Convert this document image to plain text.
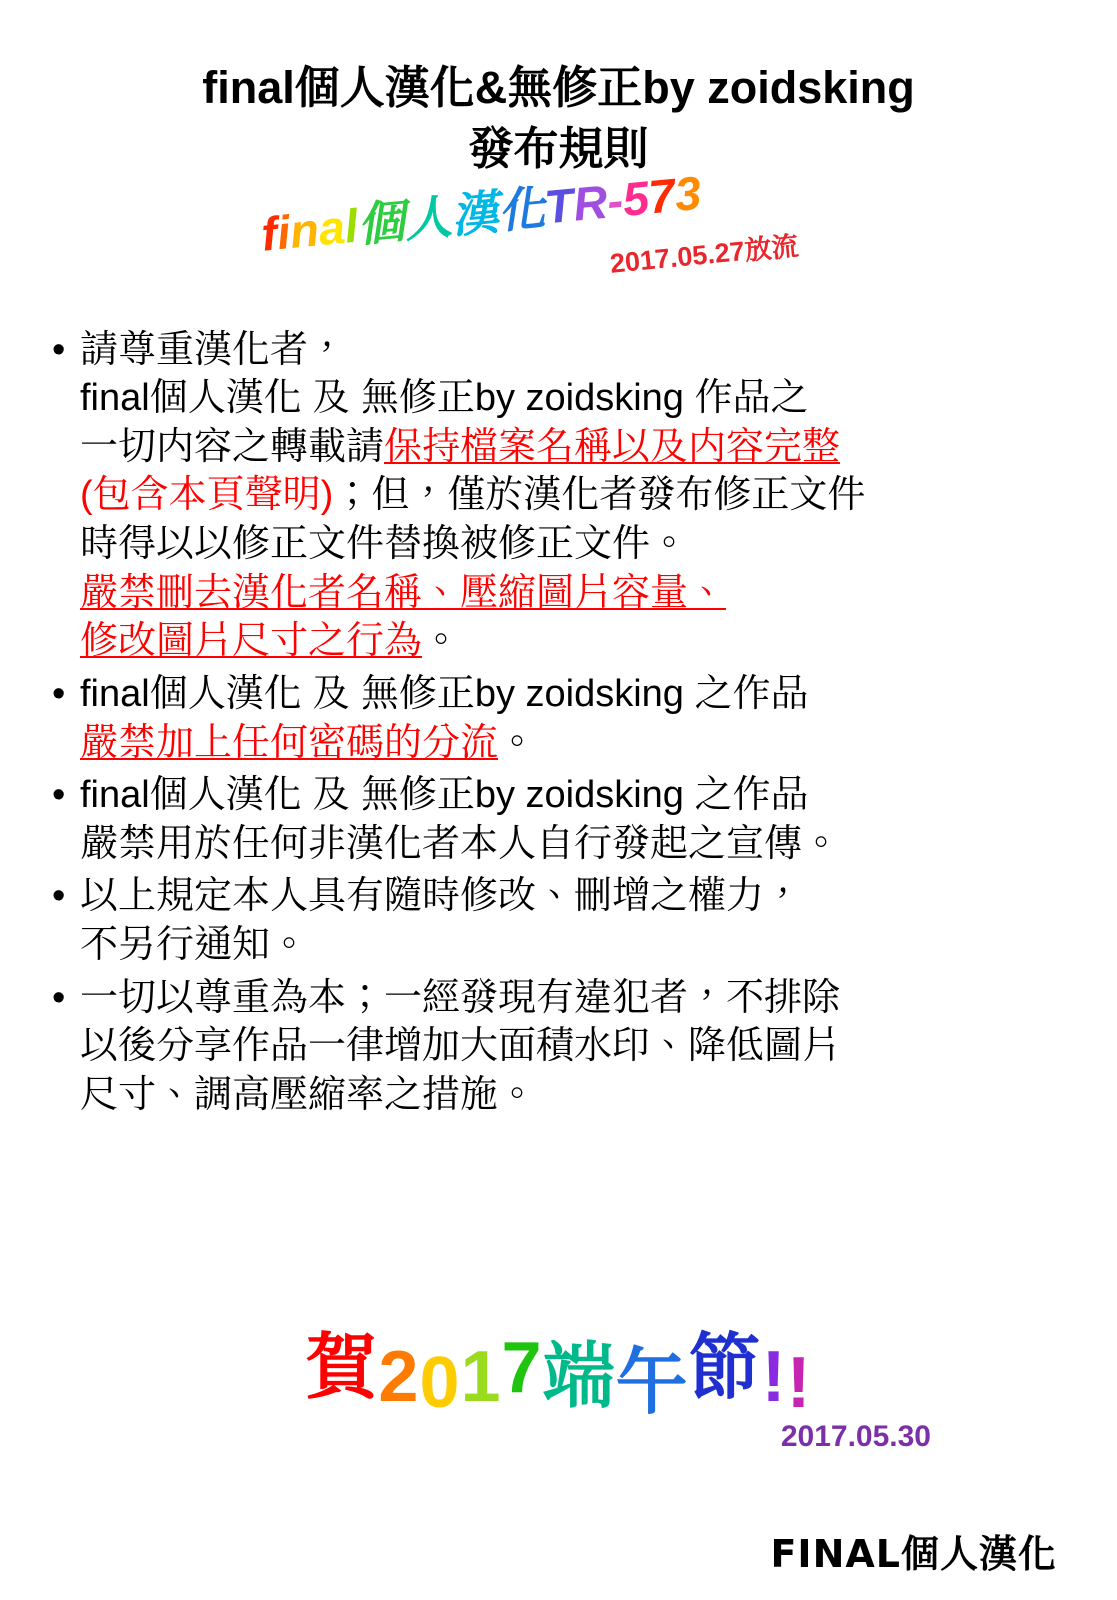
final個人漢化&無修正by zoidsking
發布規則
final個人漢化TR-573
2017.05.27放流
• 請尊重漢化者，
final個人漢化 及 無修正by zoidsking 作品之
一切内容之轉載請保持檔案名稱以及内容完整
(包含本頁聲明)；但，僅於漢化者發布修正文件
時得以以修正文件替換被修正文件。
嚴禁刪去漢化者名稱、壓縮圖片容量、
修改圖片尺寸之行為。
• final個人漢化 及 無修正by zoidsking 之作品
嚴禁加上任何密碼的分流。
• final個人漢化 及 無修正by zoidsking 之作品
嚴禁用於任何非漢化者本人自行發起之宣傳。
• 以上規定本人具有隨時修改、刪增之權力，
不另行通知。
• 一切以尊重為本；一經發現有違犯者，不排除
以後分享作品一律增加大面積水印、降低圖片
尺寸、調高壓縮率之措施。
賀2017端午節!!
2017.05.30
FINAL個人漢化
